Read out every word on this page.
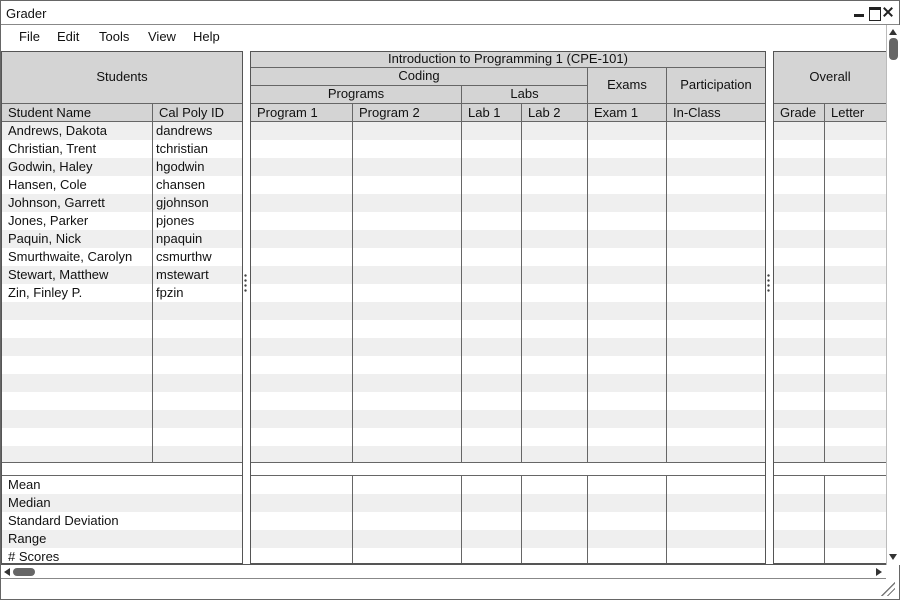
Grader
File Edit Tools View Help
Students
Student Name	Cal Poly ID
Andrews, Dakota	dandrews
Christian, Trent	tchristian
Godwin, Haley	hgodwin
Hansen, Cole	chansen
Johnson, Garrett	gjohnson
Jones, Parker	pjones
Paquin, Nick	npaquin
Smurthwaite, Carolyn	csmurthw
Stewart, Matthew	mstewart
Zin, Finley P.	fpzin
Mean
Median
Standard Deviation
Range
# Scores
Introduction to Programming 1 (CPE-101)
Coding
Programs	Labs
Exams	Participation
Program 1	Program 2	Lab 1	Lab 2	Exam 1	In-Class
Overall
Grade	Letter
